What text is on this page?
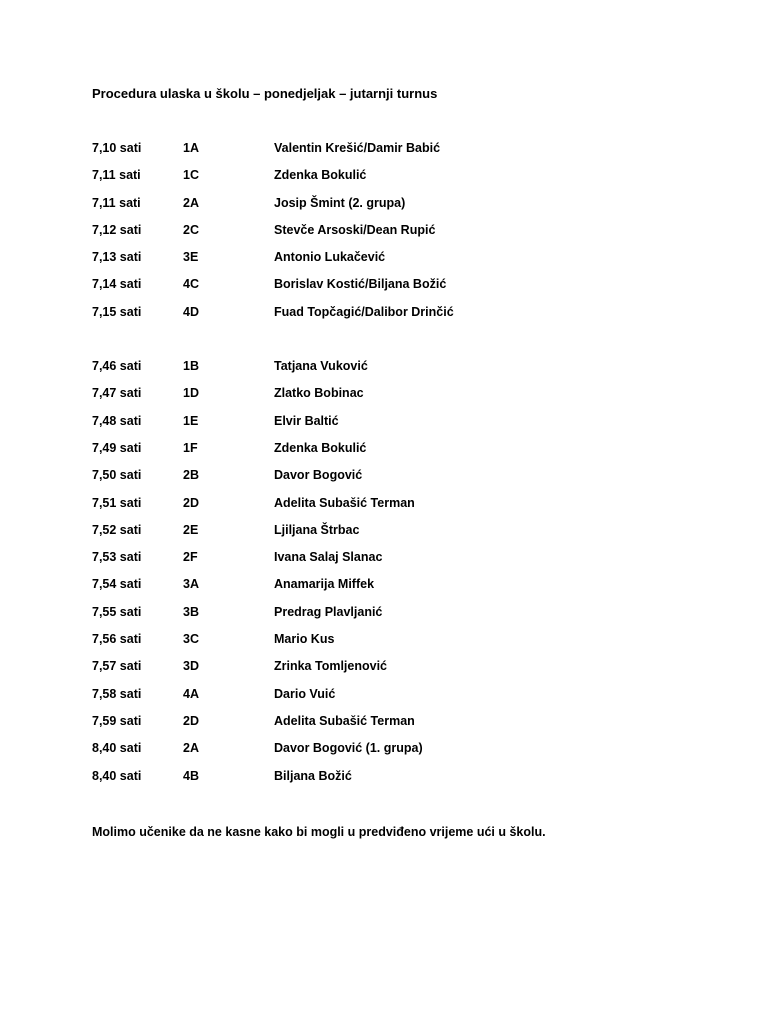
Procedura ulaska u školu – ponedjeljak – jutarnji turnus
7,10 sati	1A	Valentin Krešić/Damir Babić
7,11 sati	1C	Zdenka Bokulić
7,11 sati	2A	Josip Šmint (2. grupa)
7,12 sati	2C	Stevče Arsoski/Dean Rupić
7,13 sati	3E	Antonio Lukačević
7,14 sati	4C	Borislav Kostić/Biljana Božić
7,15 sati	4D	Fuad Topčagić/Dalibor Drinčić
7,46 sati	1B	Tatjana Vuković
7,47 sati	1D	Zlatko Bobinac
7,48 sati	1E	Elvir Baltić
7,49 sati	1F	Zdenka Bokulić
7,50 sati	2B	Davor Bogović
7,51 sati	2D	Adelita Subašić Terman
7,52 sati	2E	Ljiljana Štrbac
7,53 sati	2F	Ivana Salaj Slanac
7,54 sati	3A	Anamarija Miffek
7,55 sati	3B	Predrag Plavljanić
7,56 sati	3C	Mario Kus
7,57 sati	3D	Zrinka Tomljenović
7,58 sati	4A	Dario Vuić
7,59 sati	2D	Adelita Subašić Terman
8,40 sati	2A	Davor Bogović (1. grupa)
8,40 sati	4B	Biljana Božić
Molimo učenike da ne kasne kako bi mogli u predviđeno vrijeme ući u školu.
